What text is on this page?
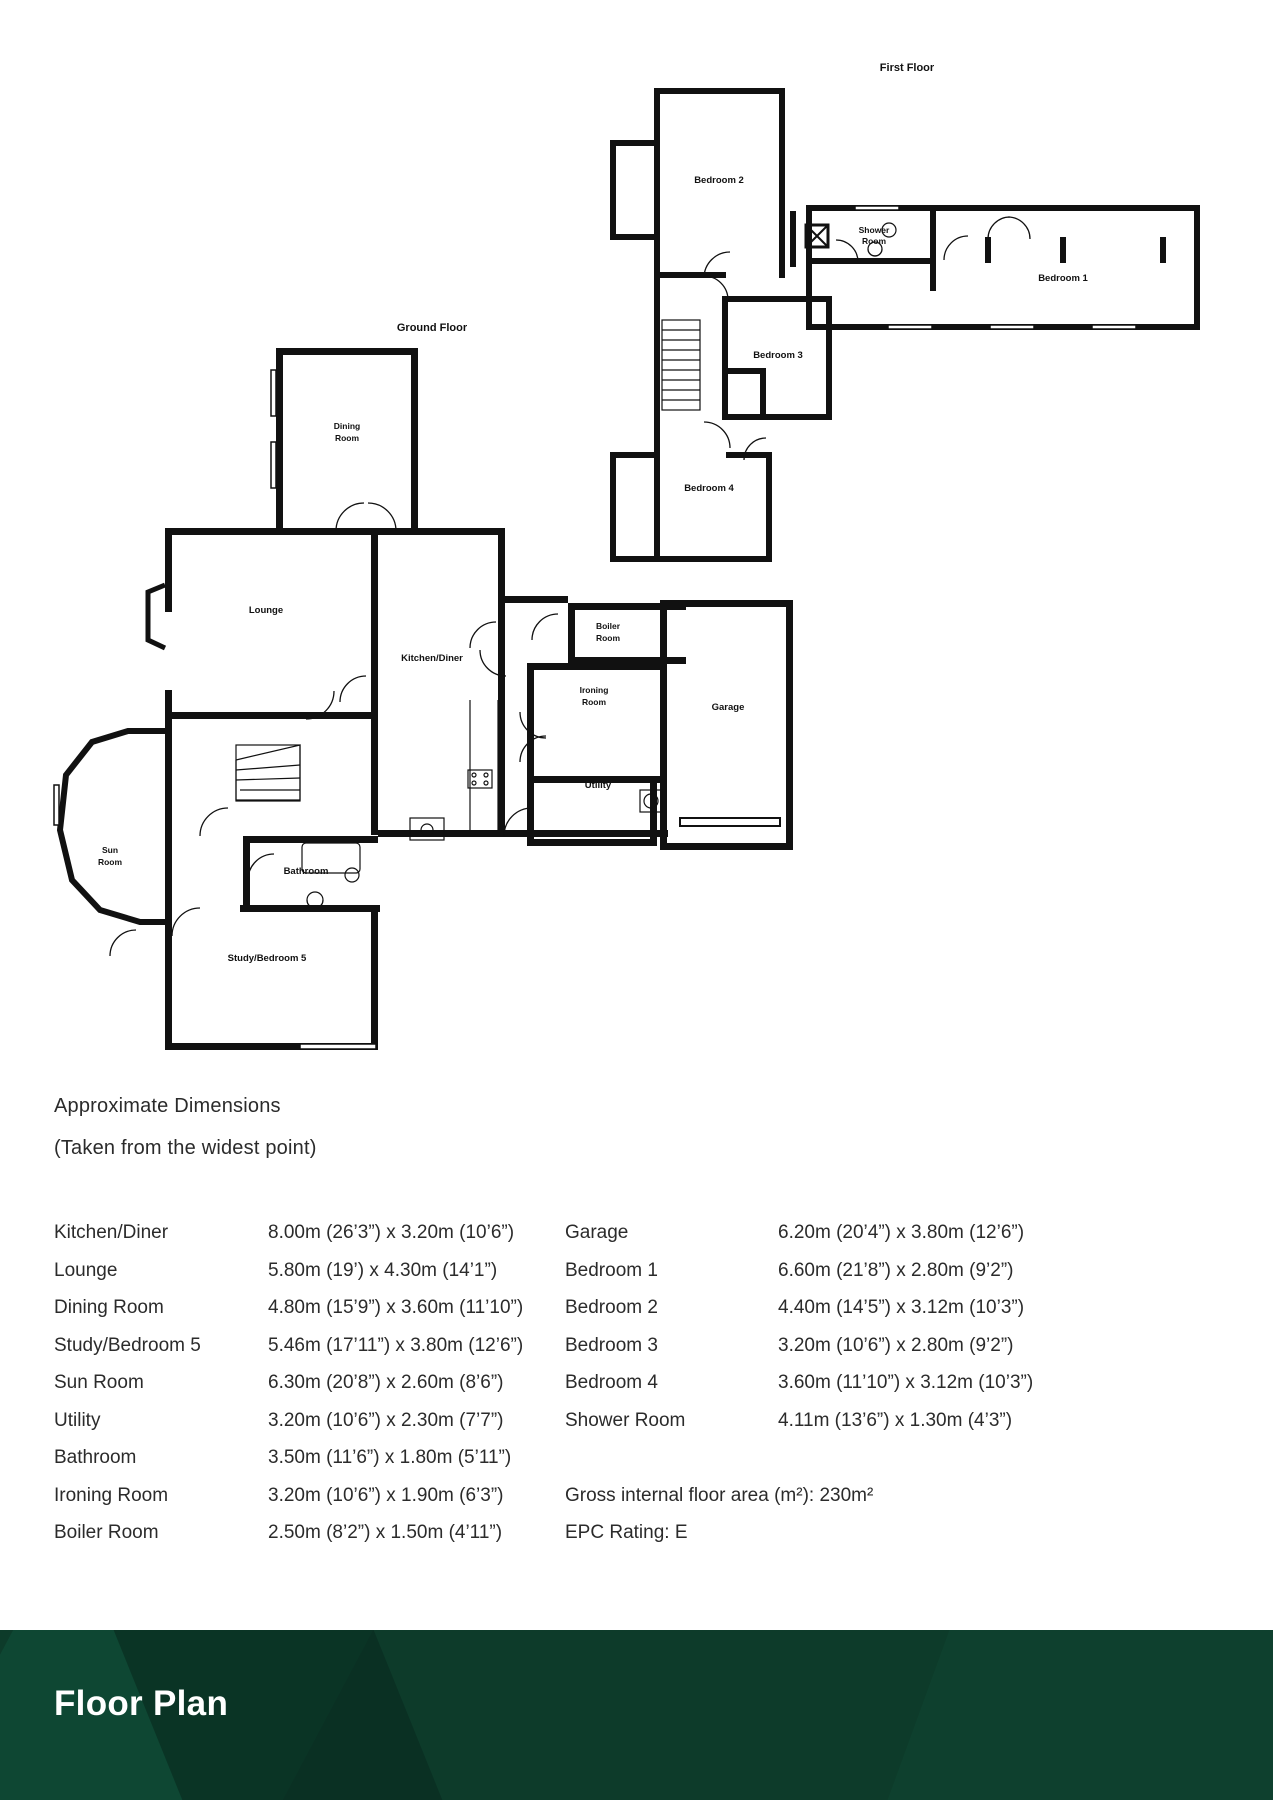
First Floor
Bedroom 2
Shower
Room
Bedroom 1
Bedroom 3
Bedroom 4
Ground Floor
Dining
Room
Lounge
Kitchen/Diner
Boiler
Room
Ironing
Room	Garage
Utility
Sun
Room
Bathroom
Study/Bedroom 5
Approximate Dimensions
(Taken from the widest point)
Kitchen/Diner	8.00m (26’3”) x 3.20m (10’6”)
Lounge	5.80m (19’) x 4.30m (14’1”)
Dining Room	4.80m (15’9”) x 3.60m (11’10”)
Study/Bedroom 5	5.46m (17’11”) x 3.80m (12’6”)
Sun Room	6.30m (20’8”) x 2.60m (8’6”)
Utility	3.20m (10’6”) x 2.30m (7’7”)
Bathroom	3.50m (11’6”) x 1.80m (5’11”)
Ironing Room	3.20m (10’6”) x 1.90m (6’3”)
Boiler Room	2.50m (8’2”) x 1.50m (4’11”)
Garage	6.20m (20’4”) x 3.80m (12’6”)
Bedroom 1	6.60m (21’8”) x 2.80m (9’2”)
Bedroom 2	4.40m (14’5”) x 3.12m (10’3”)
Bedroom 3	3.20m (10’6”) x 2.80m (9’2”)
Bedroom 4	3.60m (11’10”) x 3.12m (10’3”)
Shower Room	4.11m (13’6”) x 1.30m (4’3”)
Gross internal floor area (m²): 230m²
EPC Rating: E
Floor Plan
